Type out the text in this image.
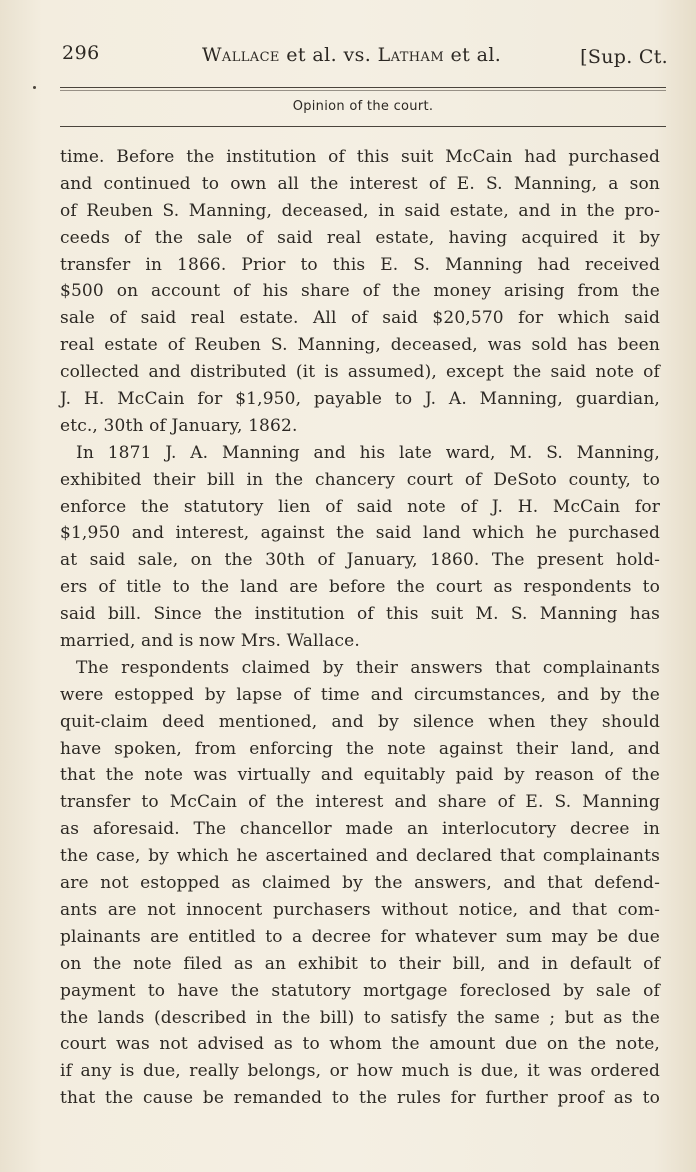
296	Wallace et al. vs. Latham et al.	[Sup. Ct.
Opinion of the court.
time. Before the institution of this suit McCain had purchased
and continued to own all the interest of E. S. Manning, a son
of Reuben S. Manning, deceased, in said estate, and in the pro-
ceeds of the sale of said real estate, having acquired it by
transfer in 1866. Prior to this E. S. Manning had received
$500 on account of his share of the money arising from the
sale of said real estate. All of said $20,570 for which said
real estate of Reuben S. Manning, deceased, was sold has been
collected and distributed (it is assumed), except the said note of
J. H. McCain for $1,950, payable to J. A. Manning, guardian,
etc., 30th of January, 1862.
In 1871 J. A. Manning and his late ward, M. S. Manning,
exhibited their bill in the chancery court of DeSoto county, to
enforce the statutory lien of said note of J. H. McCain for
$1,950 and interest, against the said land which he purchased
at said sale, on the 30th of January, 1860. The present hold-
ers of title to the land are before the court as respondents to
said bill. Since the institution of this suit M. S. Manning has
married, and is now Mrs. Wallace.
The respondents claimed by their answers that complainants
were estopped by lapse of time and circumstances, and by the
quit-claim deed mentioned, and by silence when they should
have spoken, from enforcing the note against their land, and
that the note was virtually and equitably paid by reason of the
transfer to McCain of the interest and share of E. S. Manning
as aforesaid. The chancellor made an interlocutory decree in
the case, by which he ascertained and declared that complainants
are not estopped as claimed by the answers, and that defend-
ants are not innocent purchasers without notice, and that com-
plainants are entitled to a decree for whatever sum may be due
on the note filed as an exhibit to their bill, and in default of
payment to have the statutory mortgage foreclosed by sale of
the lands (described in the bill) to satisfy the same ; but as the
court was not advised as to whom the amount due on the note,
if any is due, really belongs, or how much is due, it was ordered
that the cause be remanded to the rules for further proof as to
